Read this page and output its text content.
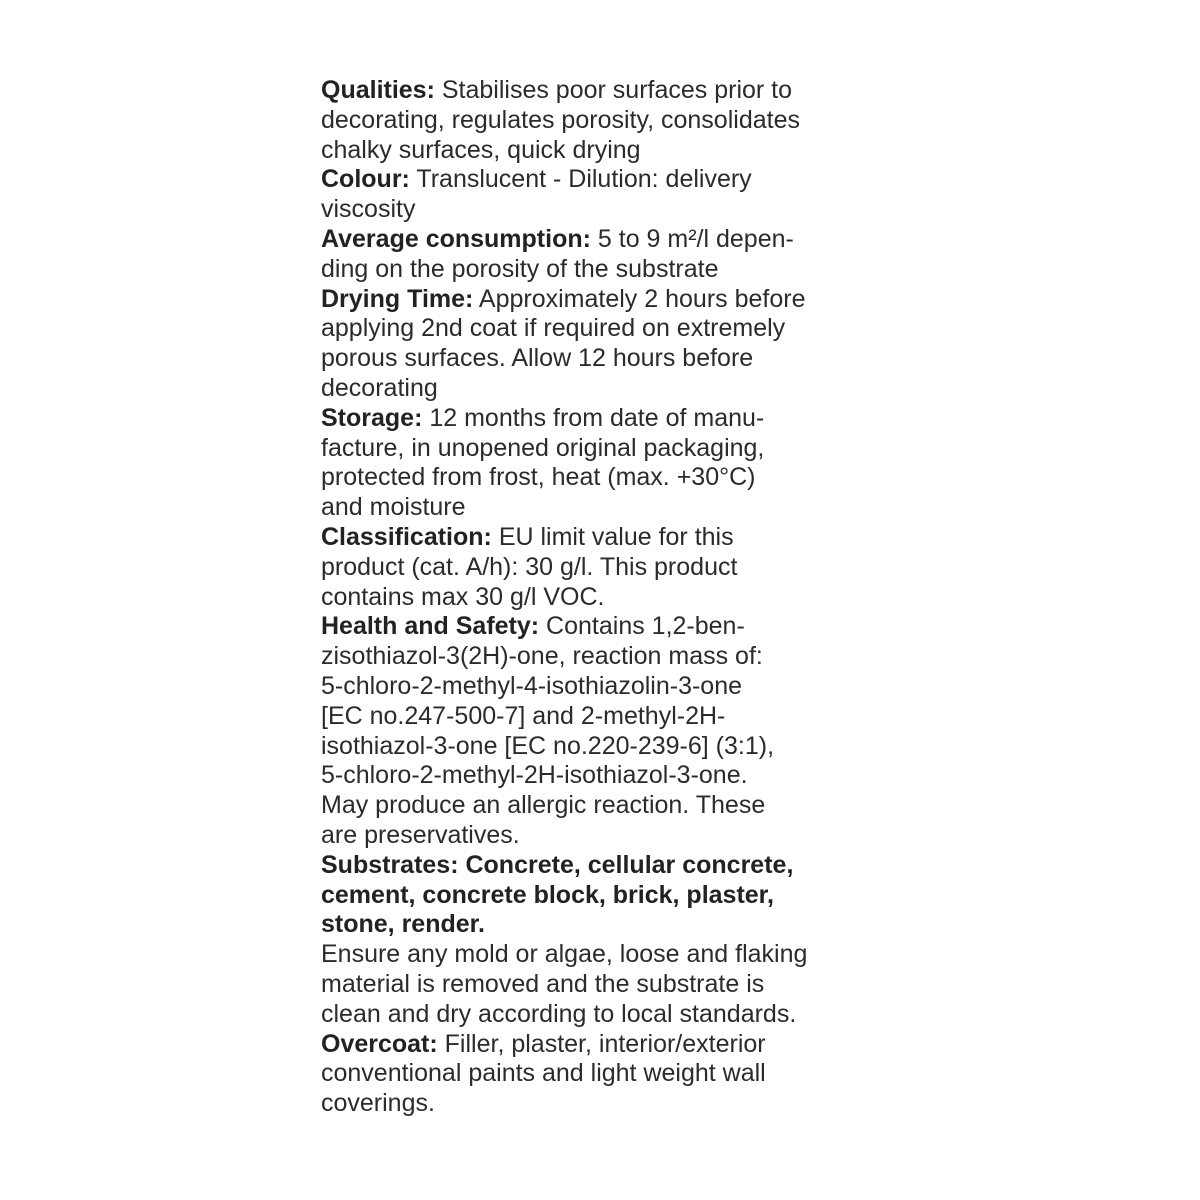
Qualities: Stabilises poor surfaces prior to
decorating, regulates porosity, consolidates
chalky surfaces, quick drying
Colour: Translucent - Dilution: delivery
viscosity
Average consumption: 5 to 9 m²/l depen-
ding on the porosity of the substrate
Drying Time: Approximately 2 hours before
applying 2nd coat if required on extremely
porous surfaces. Allow 12 hours before
decorating
Storage: 12 months from date of manu-
facture, in unopened original packaging,
protected from frost, heat (max. +30°C)
and moisture
Classification: EU limit value for this
product (cat. A/h): 30 g/l. This product
contains max 30 g/l VOC.
Health and Safety: Contains 1,2-ben-
zisothiazol-3(2H)-one, reaction mass of:
5-chloro-2-methyl-4-isothiazolin-3-one
[EC no.247-500-7] and 2-methyl-2H-
isothiazol-3-one [EC no.220-239-6] (3:1),
5-chloro-2-methyl-2H-isothiazol-3-one.
May produce an allergic reaction. These
are preservatives.
Substrates: Concrete, cellular concrete,
cement, concrete block, brick, plaster,
stone, render.
Ensure any mold or algae, loose and flaking
material is removed and the substrate is
clean and dry according to local standards.
Overcoat: Filler, plaster, interior/exterior
conventional paints and light weight wall
coverings.
